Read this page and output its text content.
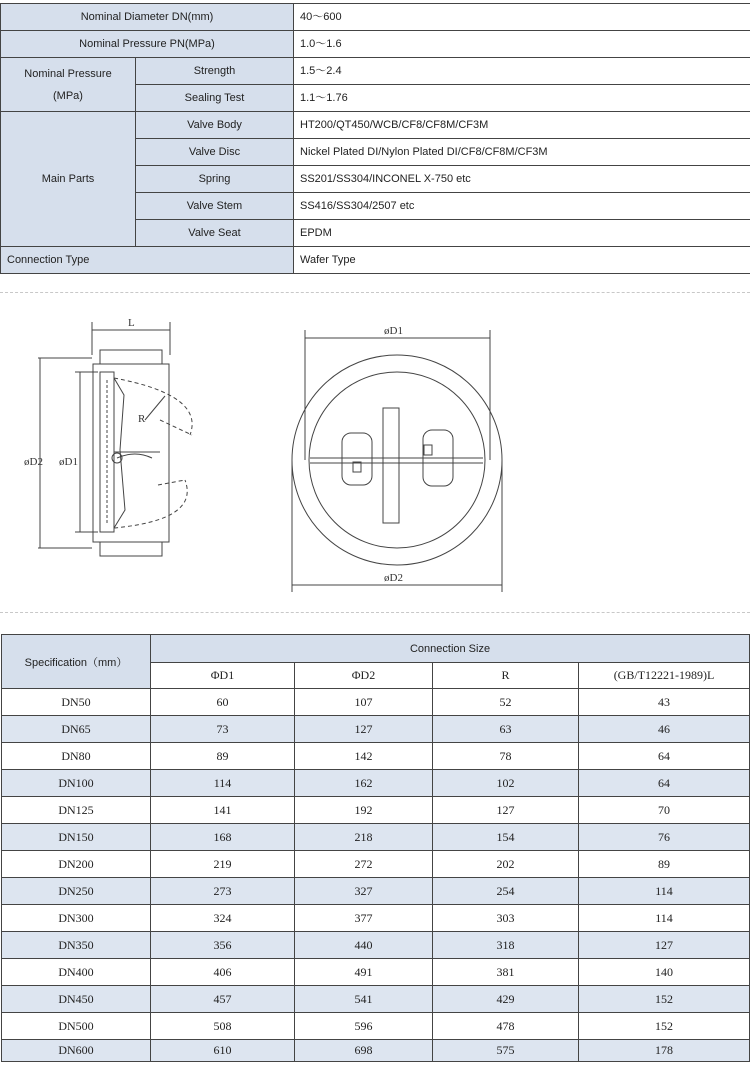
Nominal Diameter DN(mm)		40～600
Nominal Pressure PN(MPa)		1.0～1.6
Nominal Pressure
(MPa)	Strength	1.5～2.4
	Sealing Test	1.1～1.76
Main Parts	Valve Body	HT200/QT450/WCB/CF8/CF8M/CF3M
	Valve Disc	Nickel Plated DI/Nylon Plated DI/CF8/CF8M/CF3M
	Spring	SS201/SS304/INCONEL X-750 etc
	Valve Stem	SS416/SS304/2507 etc
	Valve Seat	EPDM
Connection Type		Wafer Type
L
øD2 øD1
R
øD1
øD2
Specification（mm）	Connection Size			
	ΦD1	ΦD2	R	(GB/T12221-1989)L
DN50	60	107	52	43
DN65	73	127	63	46
DN80	89	142	78	64
DN100	114	162	102	64
DN125	141	192	127	70
DN150	168	218	154	76
DN200	219	272	202	89
DN250	273	327	254	114
DN300	324	377	303	114
DN350	356	440	318	127
DN400	406	491	381	140
DN450	457	541	429	152
DN500	508	596	478	152
DN600	610	698	575	178
